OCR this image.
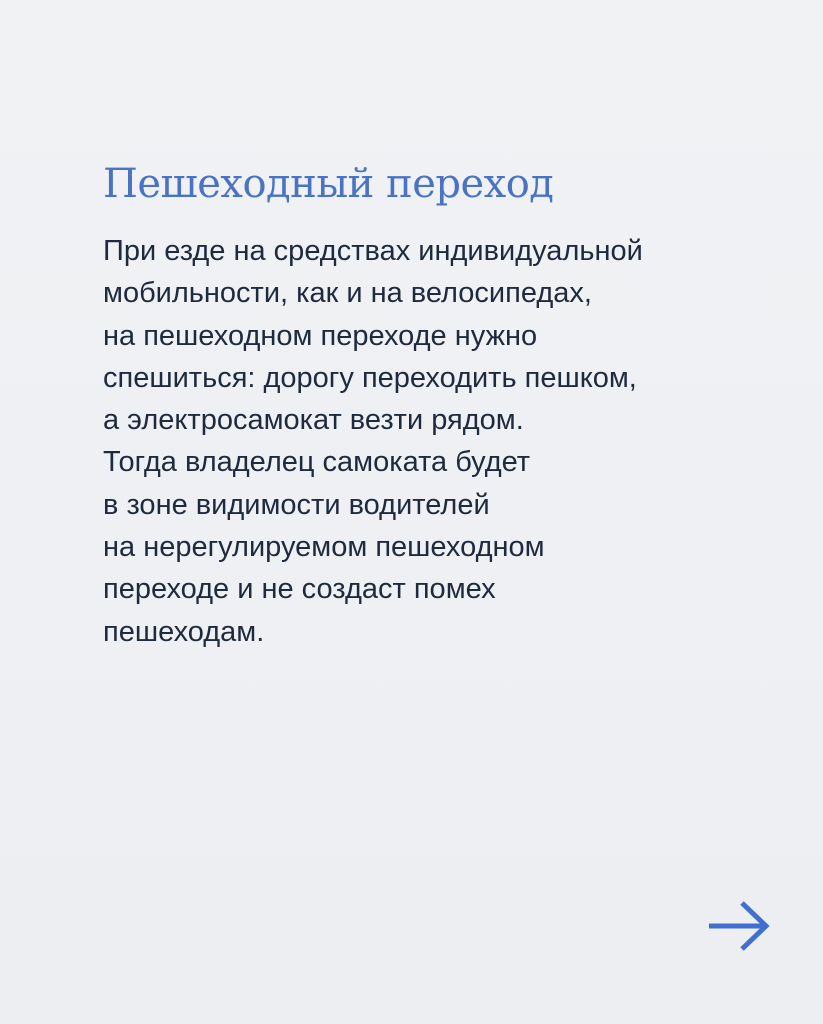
Пешеходный переход

При езде на средствах индивидуальной
мобильности, как и на велосипедах,
на пешеходном переходе нужно
спешиться: дорогу переходить пешком,
а электросамокат везти рядом.
Тогда владелец самоката будет
в зоне видимости водителей
на нерегулируемом пешеходном
переходе и не создаст помех
пешеходам.
